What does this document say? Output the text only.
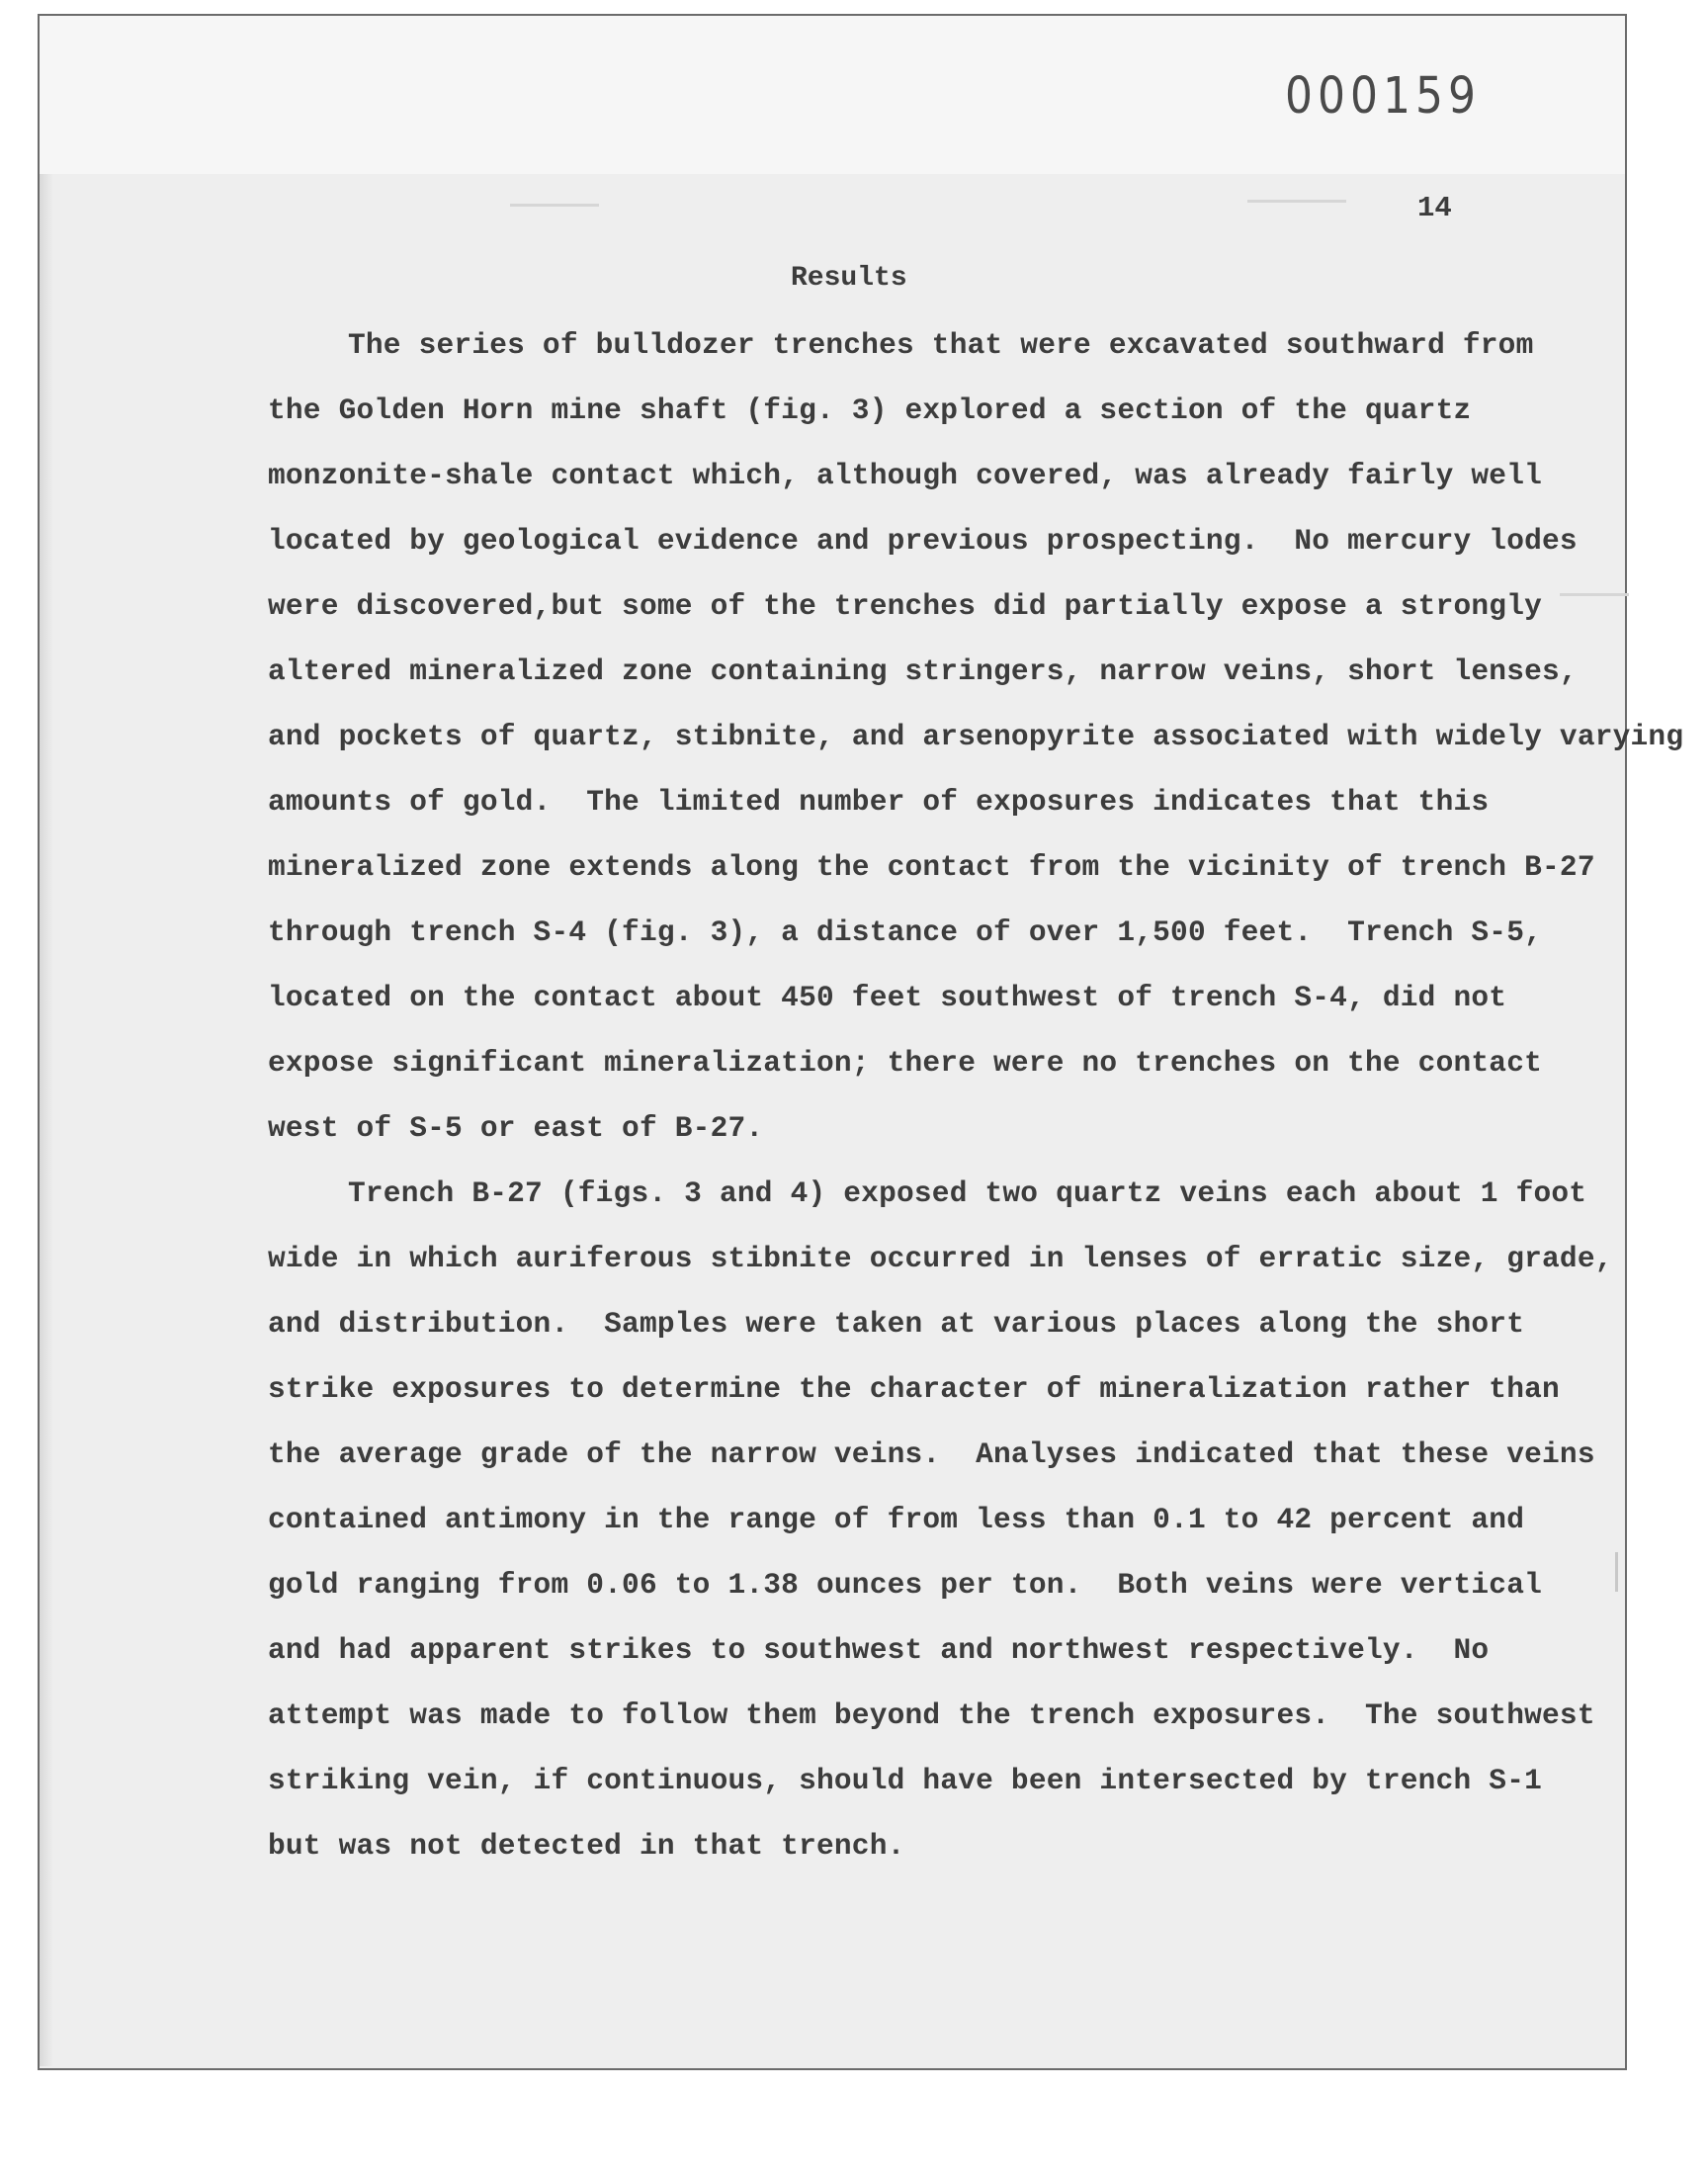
000159
14
Results
The series of bulldozer trenches that were excavated southward from
the Golden Horn mine shaft (fig. 3) explored a section of the quartz
monzonite-shale contact which, although covered, was already fairly well
located by geological evidence and previous prospecting.  No mercury lodes
were discovered,but some of the trenches did partially expose a strongly
altered mineralized zone containing stringers, narrow veins, short lenses,
and pockets of quartz, stibnite, and arsenopyrite associated with widely varying
amounts of gold.  The limited number of exposures indicates that this
mineralized zone extends along the contact from the vicinity of trench B-27
through trench S-4 (fig. 3), a distance of over 1,500 feet.  Trench S-5,
located on the contact about 450 feet southwest of trench S-4, did not
expose significant mineralization; there were no trenches on the contact
west of S-5 or east of B-27.
Trench B-27 (figs. 3 and 4) exposed two quartz veins each about 1 foot
wide in which auriferous stibnite occurred in lenses of erratic size, grade,
and distribution.  Samples were taken at various places along the short
strike exposures to determine the character of mineralization rather than
the average grade of the narrow veins.  Analyses indicated that these veins
contained antimony in the range of from less than 0.1 to 42 percent and
gold ranging from 0.06 to 1.38 ounces per ton.  Both veins were vertical
and had apparent strikes to southwest and northwest respectively.  No
attempt was made to follow them beyond the trench exposures.  The southwest
striking vein, if continuous, should have been intersected by trench S-1
but was not detected in that trench.
